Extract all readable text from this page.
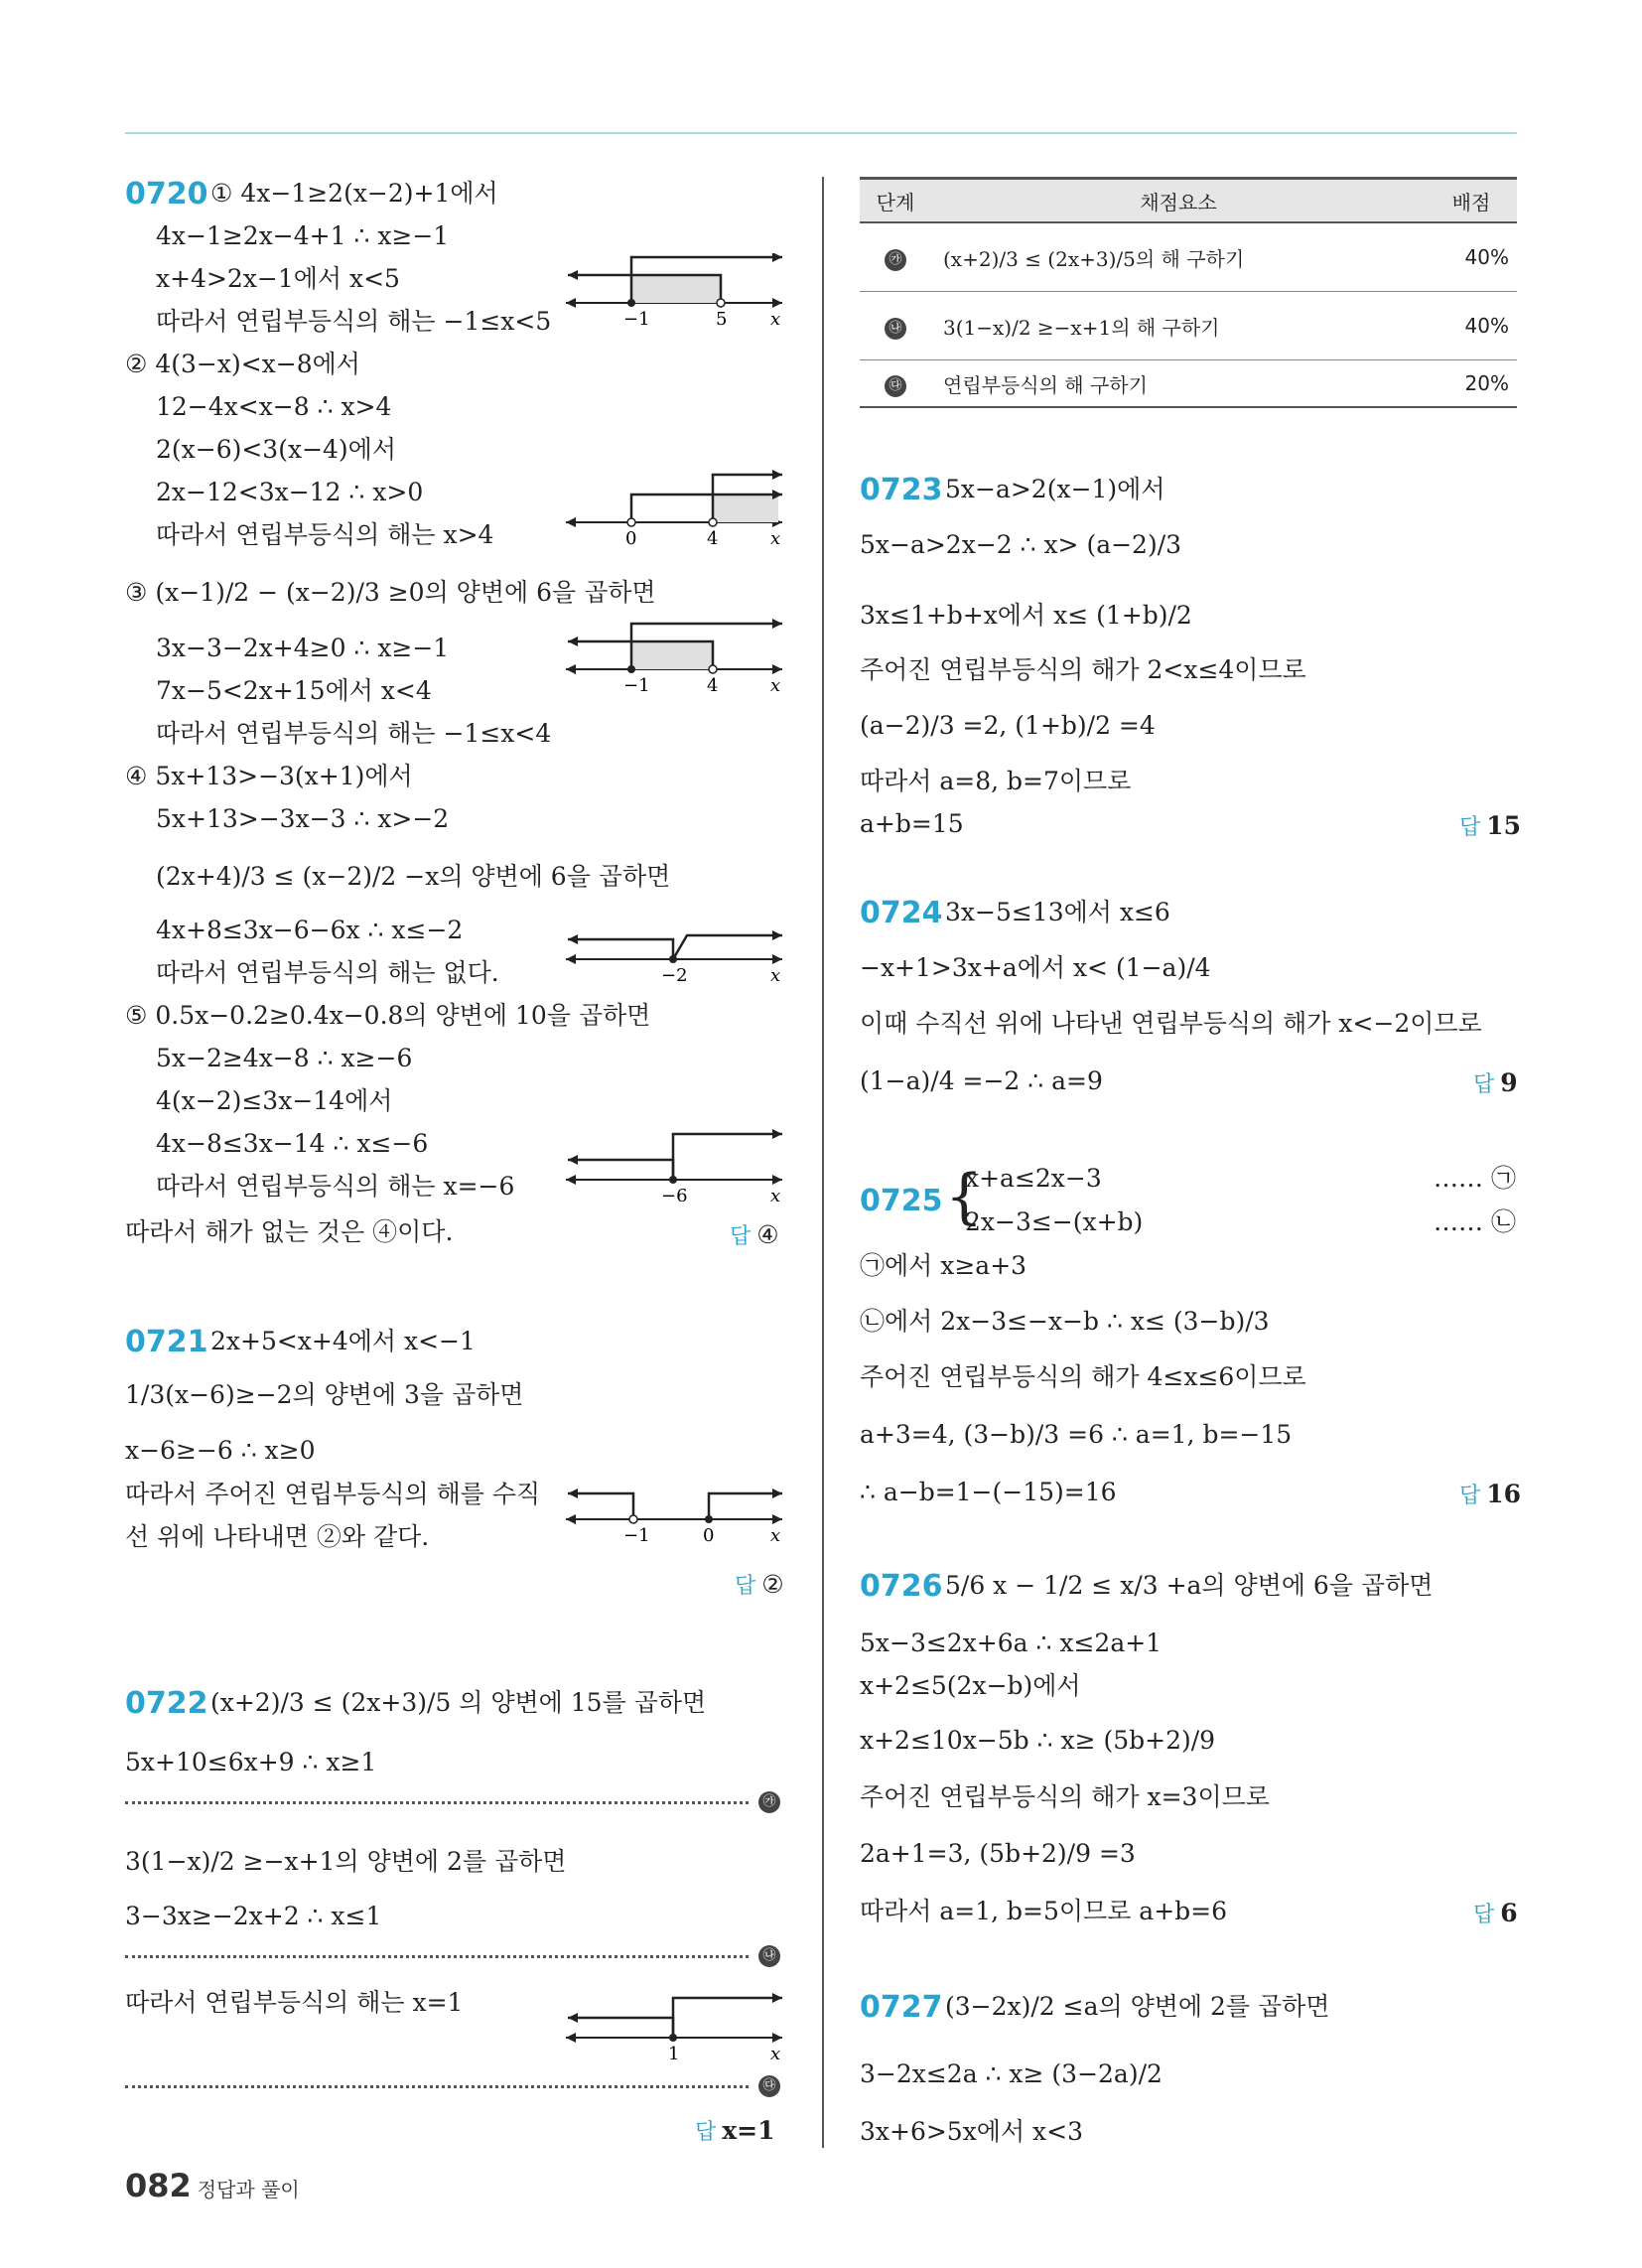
0720 ① 4x−1≥2(x−2)+1에서
4x−1≥2x−4+1 ∴ x≥−1
x+4>2x−1에서 x<5
따라서 연립부등식의 해는 −1≤x<5
② 4(3−x)<x−8에서
12−4x<x−8 ∴ x>4
2(x−6)<3(x−4)에서
2x−12<3x−12 ∴ x>0
따라서 연립부등식의 해는 x>4
③ (x−1)/2 − (x−2)/3 ≥0의 양변에 6을 곱하면
3x−3−2x+4≥0 ∴ x≥−1
7x−5<2x+15에서 x<4
따라서 연립부등식의 해는 −1≤x<4
④ 5x+13>−3(x+1)에서
5x+13>−3x−3 ∴ x>−2
(2x+4)/3 ≤ (x−2)/2 −x의 양변에 6을 곱하면
4x+8≤3x−6−6x ∴ x≤−2
따라서 연립부등식의 해는 없다.
⑤ 0.5x−0.2≥0.4x−0.8의 양변에 10을 곱하면
5x−2≥4x−8 ∴ x≥−6
4(x−2)≤3x−14에서
4x−8≤3x−14 ∴ x≤−6
따라서 연립부등식의 해는 x=−6
따라서 해가 없는 것은 ④이다.	답 ④
−1	5 x
0	4	x
−1	4	x
−2	x
−6	x
0721 2x+5<x+4에서 x<−1
1/3(x−6)≥−2의 양변에 3을 곱하면
x−6≥−6 ∴ x≥0
따라서 주어진 연립부등식의 해를 수직
선 위에 나타내면 ②와 같다.	−1	0	x
답 ②
0722 (x+2)/3 ≤ (2x+3)/5 의 양변에 15를 곱하면
5x+10≤6x+9 ∴ x≥1
㉮
3(1−x)/2 ≥−x+1의 양변에 2를 곱하면
3−3x≥−2x+2 ∴ x≤1
㉯
따라서 연립부등식의 해는 x=1
1	x
㉰
답 x=1
단계	채점요소	배점
㉮	(x+2)/3 ≤ (2x+3)/5의 해 구하기	40%
㉯	3(1−x)/2 ≥−x+1의 해 구하기	40%
㉰	연립부등식의 해 구하기	20%
0723 5x−a>2(x−1)에서
5x−a>2x−2 ∴ x> (a−2)/3
3x≤1+b+x에서 x≤ (1+b)/2
주어진 연립부등식의 해가 2<x≤4이므로
(a−2)/3 =2, (1+b)/2 =4
따라서 a=8, b=7이므로
a+b=15	답 15
0724 3x−5≤13에서 x≤6
−x+1>3x+a에서 x< (1−a)/4
이때 수직선 위에 나타낸 연립부등식의 해가 x<−2이므로
(1−a)/4 =−2 ∴ a=9	답 9
0725 {
x+a≤2x−3
2x−3≤−(x+b)
…… ㉠
…… ㉡
㉠에서 x≥a+3
㉡에서 2x−3≤−x−b ∴ x≤ (3−b)/3
주어진 연립부등식의 해가 4≤x≤6이므로
a+3=4, (3−b)/3 =6 ∴ a=1, b=−15
∴ a−b=1−(−15)=16	답 16
0726 5/6 x − 1/2 ≤ x/3 +a의 양변에 6을 곱하면
5x−3≤2x+6a ∴ x≤2a+1
x+2≤5(2x−b)에서
x+2≤10x−5b ∴ x≥ (5b+2)/9
주어진 연립부등식의 해가 x=3이므로
2a+1=3, (5b+2)/9 =3
따라서 a=1, b=5이므로 a+b=6	답 6
0727 (3−2x)/2 ≤a의 양변에 2를 곱하면
3−2x≤2a ∴ x≥ (3−2a)/2
3x+6>5x에서 x<3
082 정답과 풀이
